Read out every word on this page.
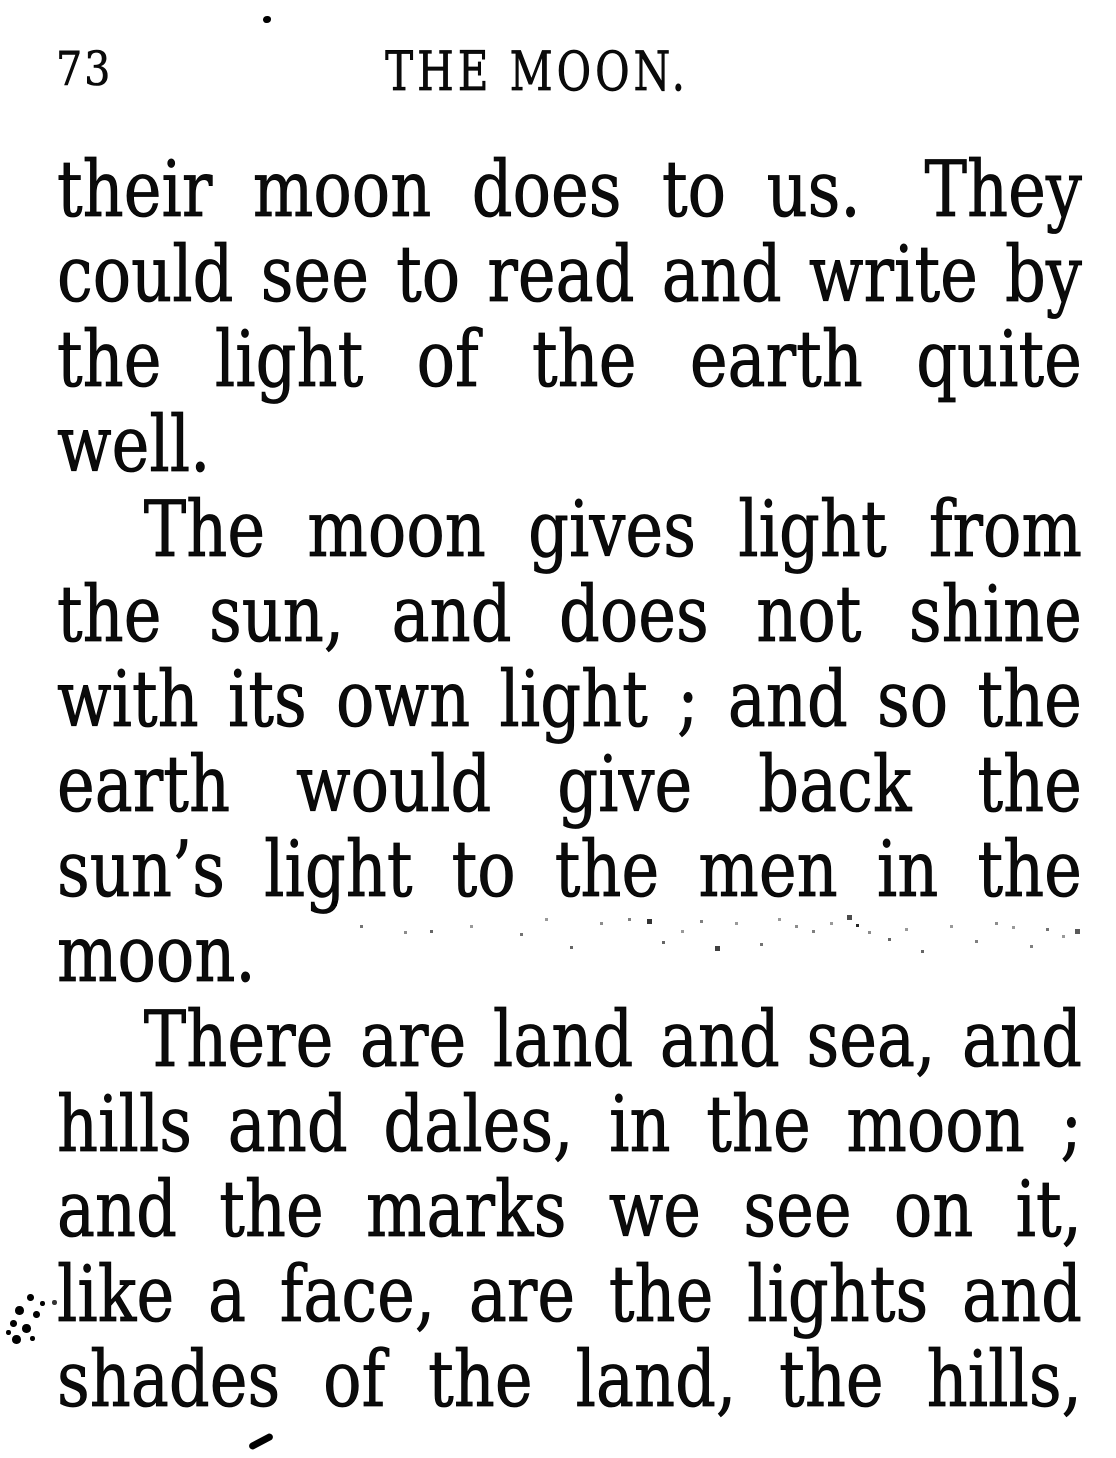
73	THE MOON.
their moon does to us. They
could see to read and write by
the light of the earth quite
well.
The moon gives light from
the sun, and does not shine
with its own light ; and so the
earth would give back the
sun’s light to the men in the
moon.
There are land and sea, and
hills and dales, in the moon ;
and the marks we see on it,
like a face, are the lights and
shades of the land, the hills,
